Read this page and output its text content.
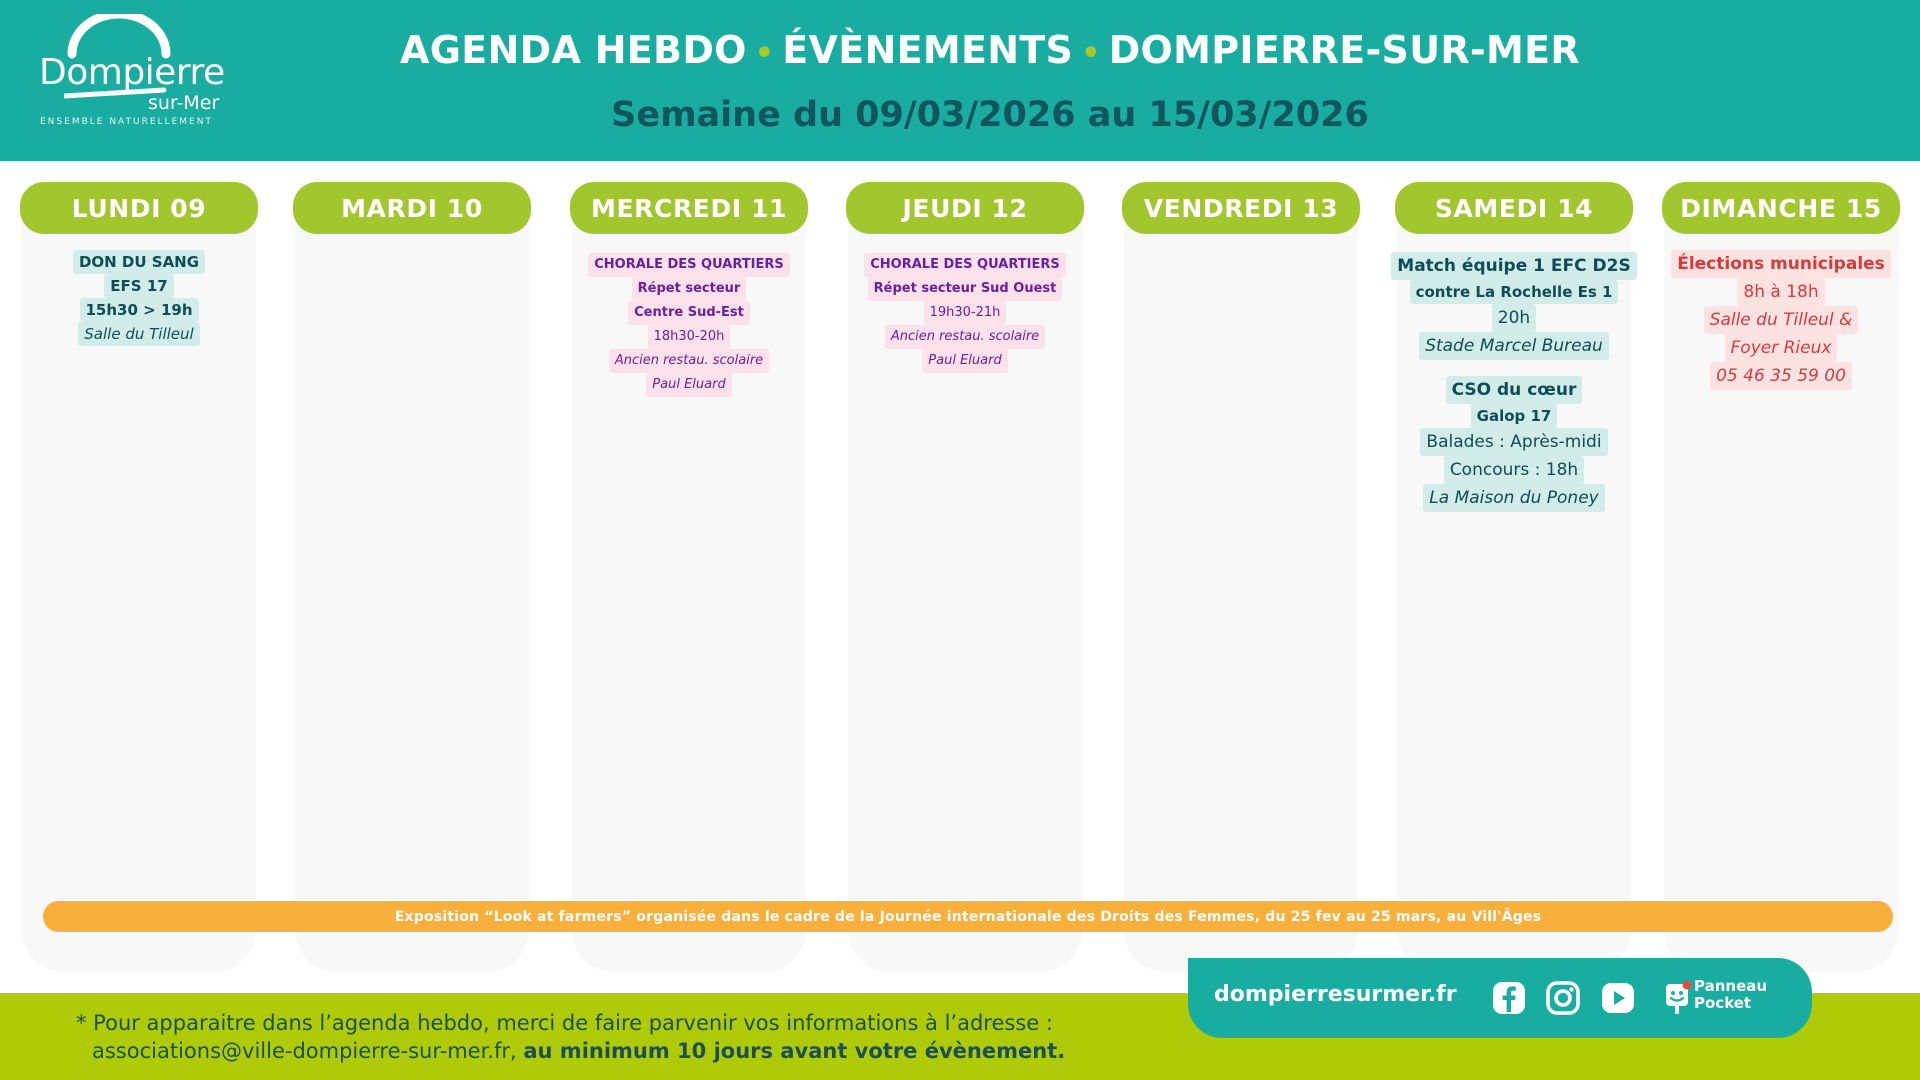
Dompierre
sur-Mer
ENSEMBLE NATURELLEMENT
AGENDA HEBDO • ÉVÈNEMENTS • DOMPIERRE-SUR-MER
Semaine du 09/03/2026 au 15/03/2026
LUNDI 09
DON DU SANG
EFS 17
15h30 > 19h
Salle du Tilleul
MARDI 10	MERCREDI 11
CHORALE DES QUARTIERS
Répet secteur
Centre Sud-Est
18h30-20h
Ancien restau. scolaire
Paul Eluard
JEUDI 12
CHORALE DES QUARTIERS
Répet secteur Sud Ouest
19h30-21h
Ancien restau. scolaire
Paul Eluard
VENDREDI 13	SAMEDI 14
Match équipe 1 EFC D2S
contre La Rochelle Es 1
20h
Stade Marcel Bureau
CSO du cœur
Galop 17
Balades : Après-midi
Concours : 18h
La Maison du Poney
DIMANCHE 15
Élections municipales
8h à 18h
Salle du Tilleul &
Foyer Rieux
05 46 35 59 00
Exposition “Look at farmers” organisée dans le cadre de la Journée internationale des Droits des Femmes, du 25 fev au 25 mars, au Vill'Âges
* Pour apparaitre dans l’agenda hebdo, merci de faire parvenir vos informations à l’adresse :
associations@ville-dompierre-sur-mer.fr, au minimum 10 jours avant votre évènement.
dompierresurmer.fr	Panneau
Pocket
